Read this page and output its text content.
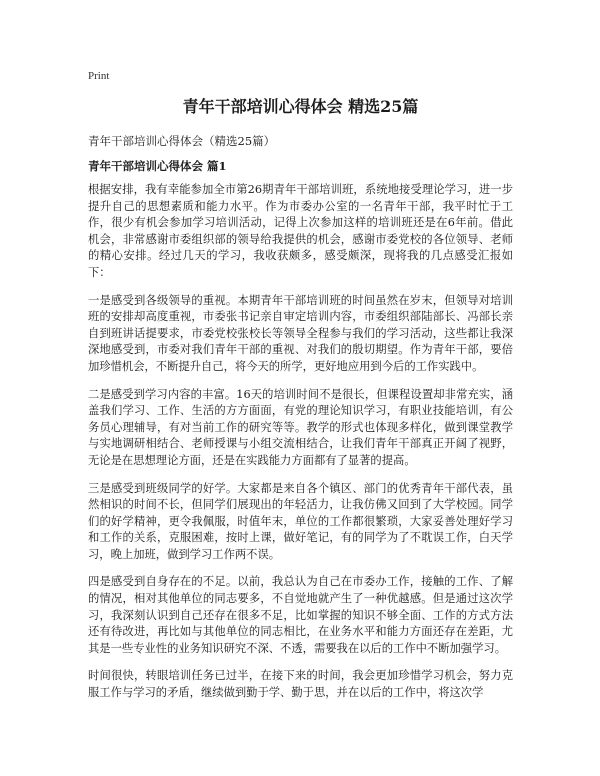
Print
青年干部培训心得体会 精选25篇

青年干部培训心得体会（精选25篇）

青年干部培训心得体会 篇1

根据安排，我有幸能参加全市第26期青年干部培训班，系统地接受理论学习，进一步提升自己的思想素质和能力水平。作为市委办公室的一名青年干部，我平时忙于工作，很少有机会参加学习培训活动，记得上次参加这样的培训班还是在6年前。借此机会，非常感谢市委组织部的领导给我提供的机会，感谢市委党校的各位领导、老师的精心安排。经过几天的学习，我收获颇多，感受颇深，现将我的几点感受汇报如下：

一是感受到各级领导的重视。本期青年干部培训班的时间虽然在岁末，但领导对培训班的安排却高度重视，市委张书记亲自审定培训内容，市委组织部陆部长、冯部长亲自到班讲话提要求，市委党校张校长等领导全程参与我们的学习活动，这些都让我深深地感受到，市委对我们青年干部的重视、对我们的殷切期望。作为青年干部，要倍加珍惜机会，不断提升自己，将今天的所学，更好地应用到今后的工作实践中。

二是感受到学习内容的丰富。16天的培训时间不是很长，但课程设置却非常充实，涵盖我们学习、工作、生活的方方面面，有党的理论知识学习，有职业技能培训，有公务员心理辅导，有对当前工作的研究等等。教学的形式也体现多样化，做到课堂教学与实地调研相结合、老师授课与小组交流相结合，让我们青年干部真正开阔了视野，无论是在思想理论方面，还是在实践能力方面都有了显著的提高。

三是感受到班级同学的好学。大家都是来自各个镇区、部门的优秀青年干部代表，虽然相识的时间不长，但同学们展现出的年轻活力，让我仿佛又回到了大学校园。同学们的好学精神，更令我佩服，时值年末，单位的工作都很繁琐，大家妥善处理好学习和工作的关系，克服困难，按时上课，做好笔记，有的同学为了不耽误工作，白天学习，晚上加班，做到学习工作两不误。

四是感受到自身存在的不足。以前，我总认为自己在市委办工作，接触的工作、了解的情况，相对其他单位的同志要多，不自觉地就产生了一种优越感。但是通过这次学习，我深刻认识到自己还存在很多不足，比如掌握的知识不够全面、工作的方式方法还有待改进，再比如与其他单位的同志相比，在业务水平和能力方面还存在差距，尤其是一些专业性的业务知识研究不深、不透，需要我在以后的工作中不断加强学习。

时间很快，转眼培训任务已过半，在接下来的时间，我会更加珍惜学习机会，努力克服工作与学习的矛盾，继续做到勤于学、勤于思，并在以后的工作中，将这次学
